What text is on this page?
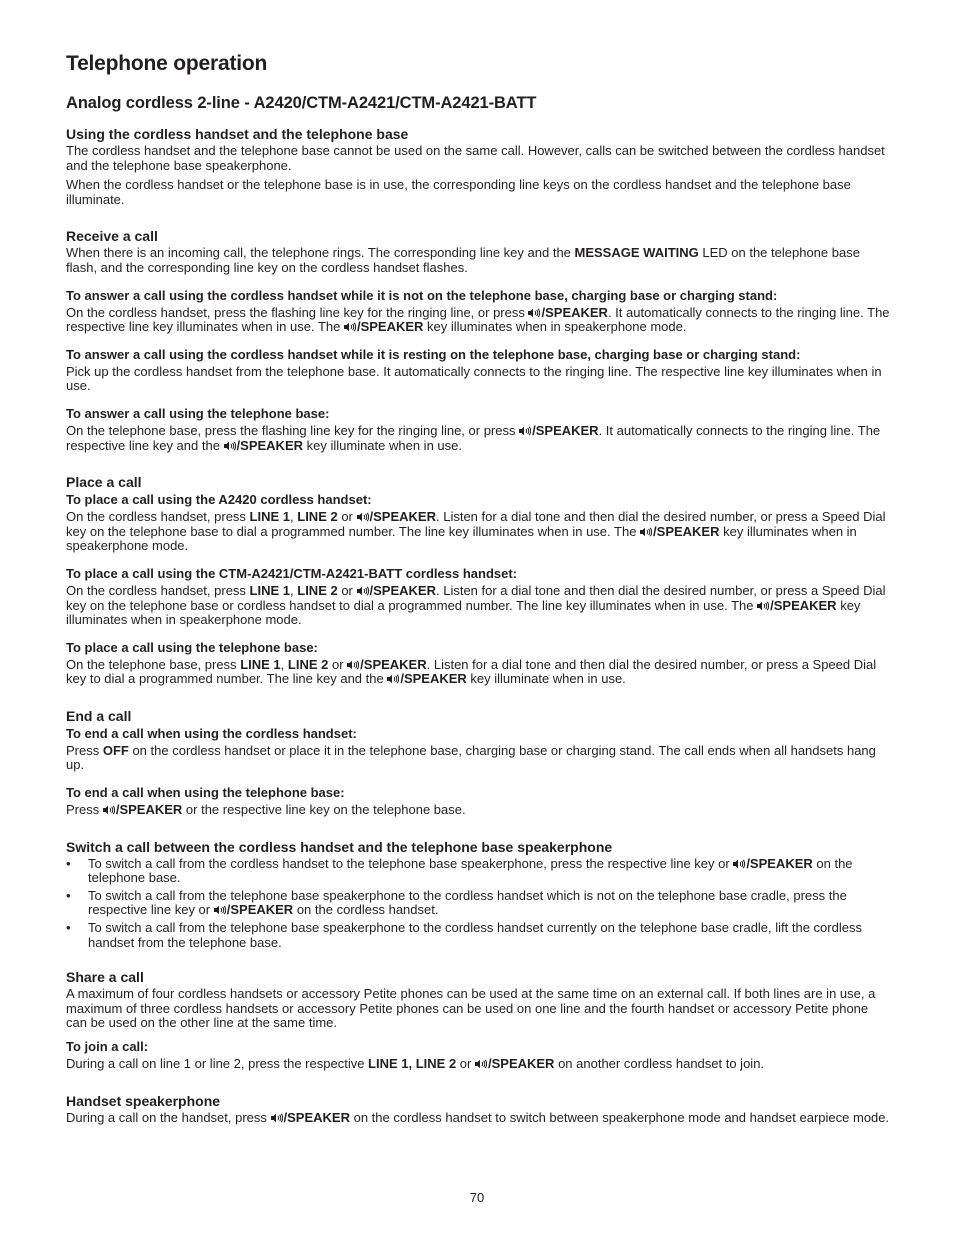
Telephone operation
Analog cordless 2-line - A2420/CTM-A2421/CTM-A2421-BATT
Using the cordless handset and the telephone base
The cordless handset and the telephone base cannot be used on the same call. However, calls can be switched between the cordless handset and the telephone base speakerphone.
When the cordless handset or the telephone base is in use, the corresponding line keys on the cordless handset and the telephone base illuminate.
Receive a call
When there is an incoming call, the telephone rings. The corresponding line key and the MESSAGE WAITING LED on the telephone base flash, and the corresponding line key on the cordless handset flashes.
To answer a call using the cordless handset while it is not on the telephone base, charging base or charging stand:
On the cordless handset, press the flashing line key for the ringing line, or press /SPEAKER. It automatically connects to the ringing line. The respective line key illuminates when in use. The /SPEAKER key illuminates when in speakerphone mode.
To answer a call using the cordless handset while it is resting on the telephone base, charging base or charging stand:
Pick up the cordless handset from the telephone base. It automatically connects to the ringing line. The respective line key illuminates when in use.
To answer a call using the telephone base:
On the telephone base, press the flashing line key for the ringing line, or press /SPEAKER. It automatically connects to the ringing line. The respective line key and the /SPEAKER key illuminate when in use.
Place a call
To place a call using the A2420 cordless handset:
On the cordless handset, press LINE 1, LINE 2 or /SPEAKER. Listen for a dial tone and then dial the desired number, or press a Speed Dial key on the telephone base to dial a programmed number. The line key illuminates when in use. The /SPEAKER key illuminates when in speakerphone mode.
To place a call using the CTM-A2421/CTM-A2421-BATT cordless handset:
On the cordless handset, press LINE 1, LINE 2 or /SPEAKER. Listen for a dial tone and then dial the desired number, or press a Speed Dial key on the telephone base or cordless handset to dial a programmed number. The line key illuminates when in use. The /SPEAKER key illuminates when in speakerphone mode.
To place a call using the telephone base:
On the telephone base, press LINE 1, LINE 2 or /SPEAKER. Listen for a dial tone and then dial the desired number, or press a Speed Dial key to dial a programmed number. The line key and the /SPEAKER key illuminate when in use.
End a call
To end a call when using the cordless handset:
Press OFF on the cordless handset or place it in the telephone base, charging base or charging stand. The call ends when all handsets hang up.
To end a call when using the telephone base:
Press /SPEAKER or the respective line key on the telephone base.
Switch a call between the cordless handset and the telephone base speakerphone
• To switch a call from the cordless handset to the telephone base speakerphone, press the respective line key or /SPEAKER on the telephone base.
• To switch a call from the telephone base speakerphone to the cordless handset which is not on the telephone base cradle, press the respective line key or /SPEAKER on the cordless handset.
• To switch a call from the telephone base speakerphone to the cordless handset currently on the telephone base cradle, lift the cordless handset from the telephone base.
Share a call
A maximum of four cordless handsets or accessory Petite phones can be used at the same time on an external call. If both lines are in use, a maximum of three cordless handsets or accessory Petite phones can be used on one line and the fourth handset or accessory Petite phone can be used on the other line at the same time.
To join a call:
During a call on line 1 or line 2, press the respective LINE 1, LINE 2 or /SPEAKER on another cordless handset to join.
Handset speakerphone
During a call on the handset, press /SPEAKER on the cordless handset to switch between speakerphone mode and handset earpiece mode.
70
